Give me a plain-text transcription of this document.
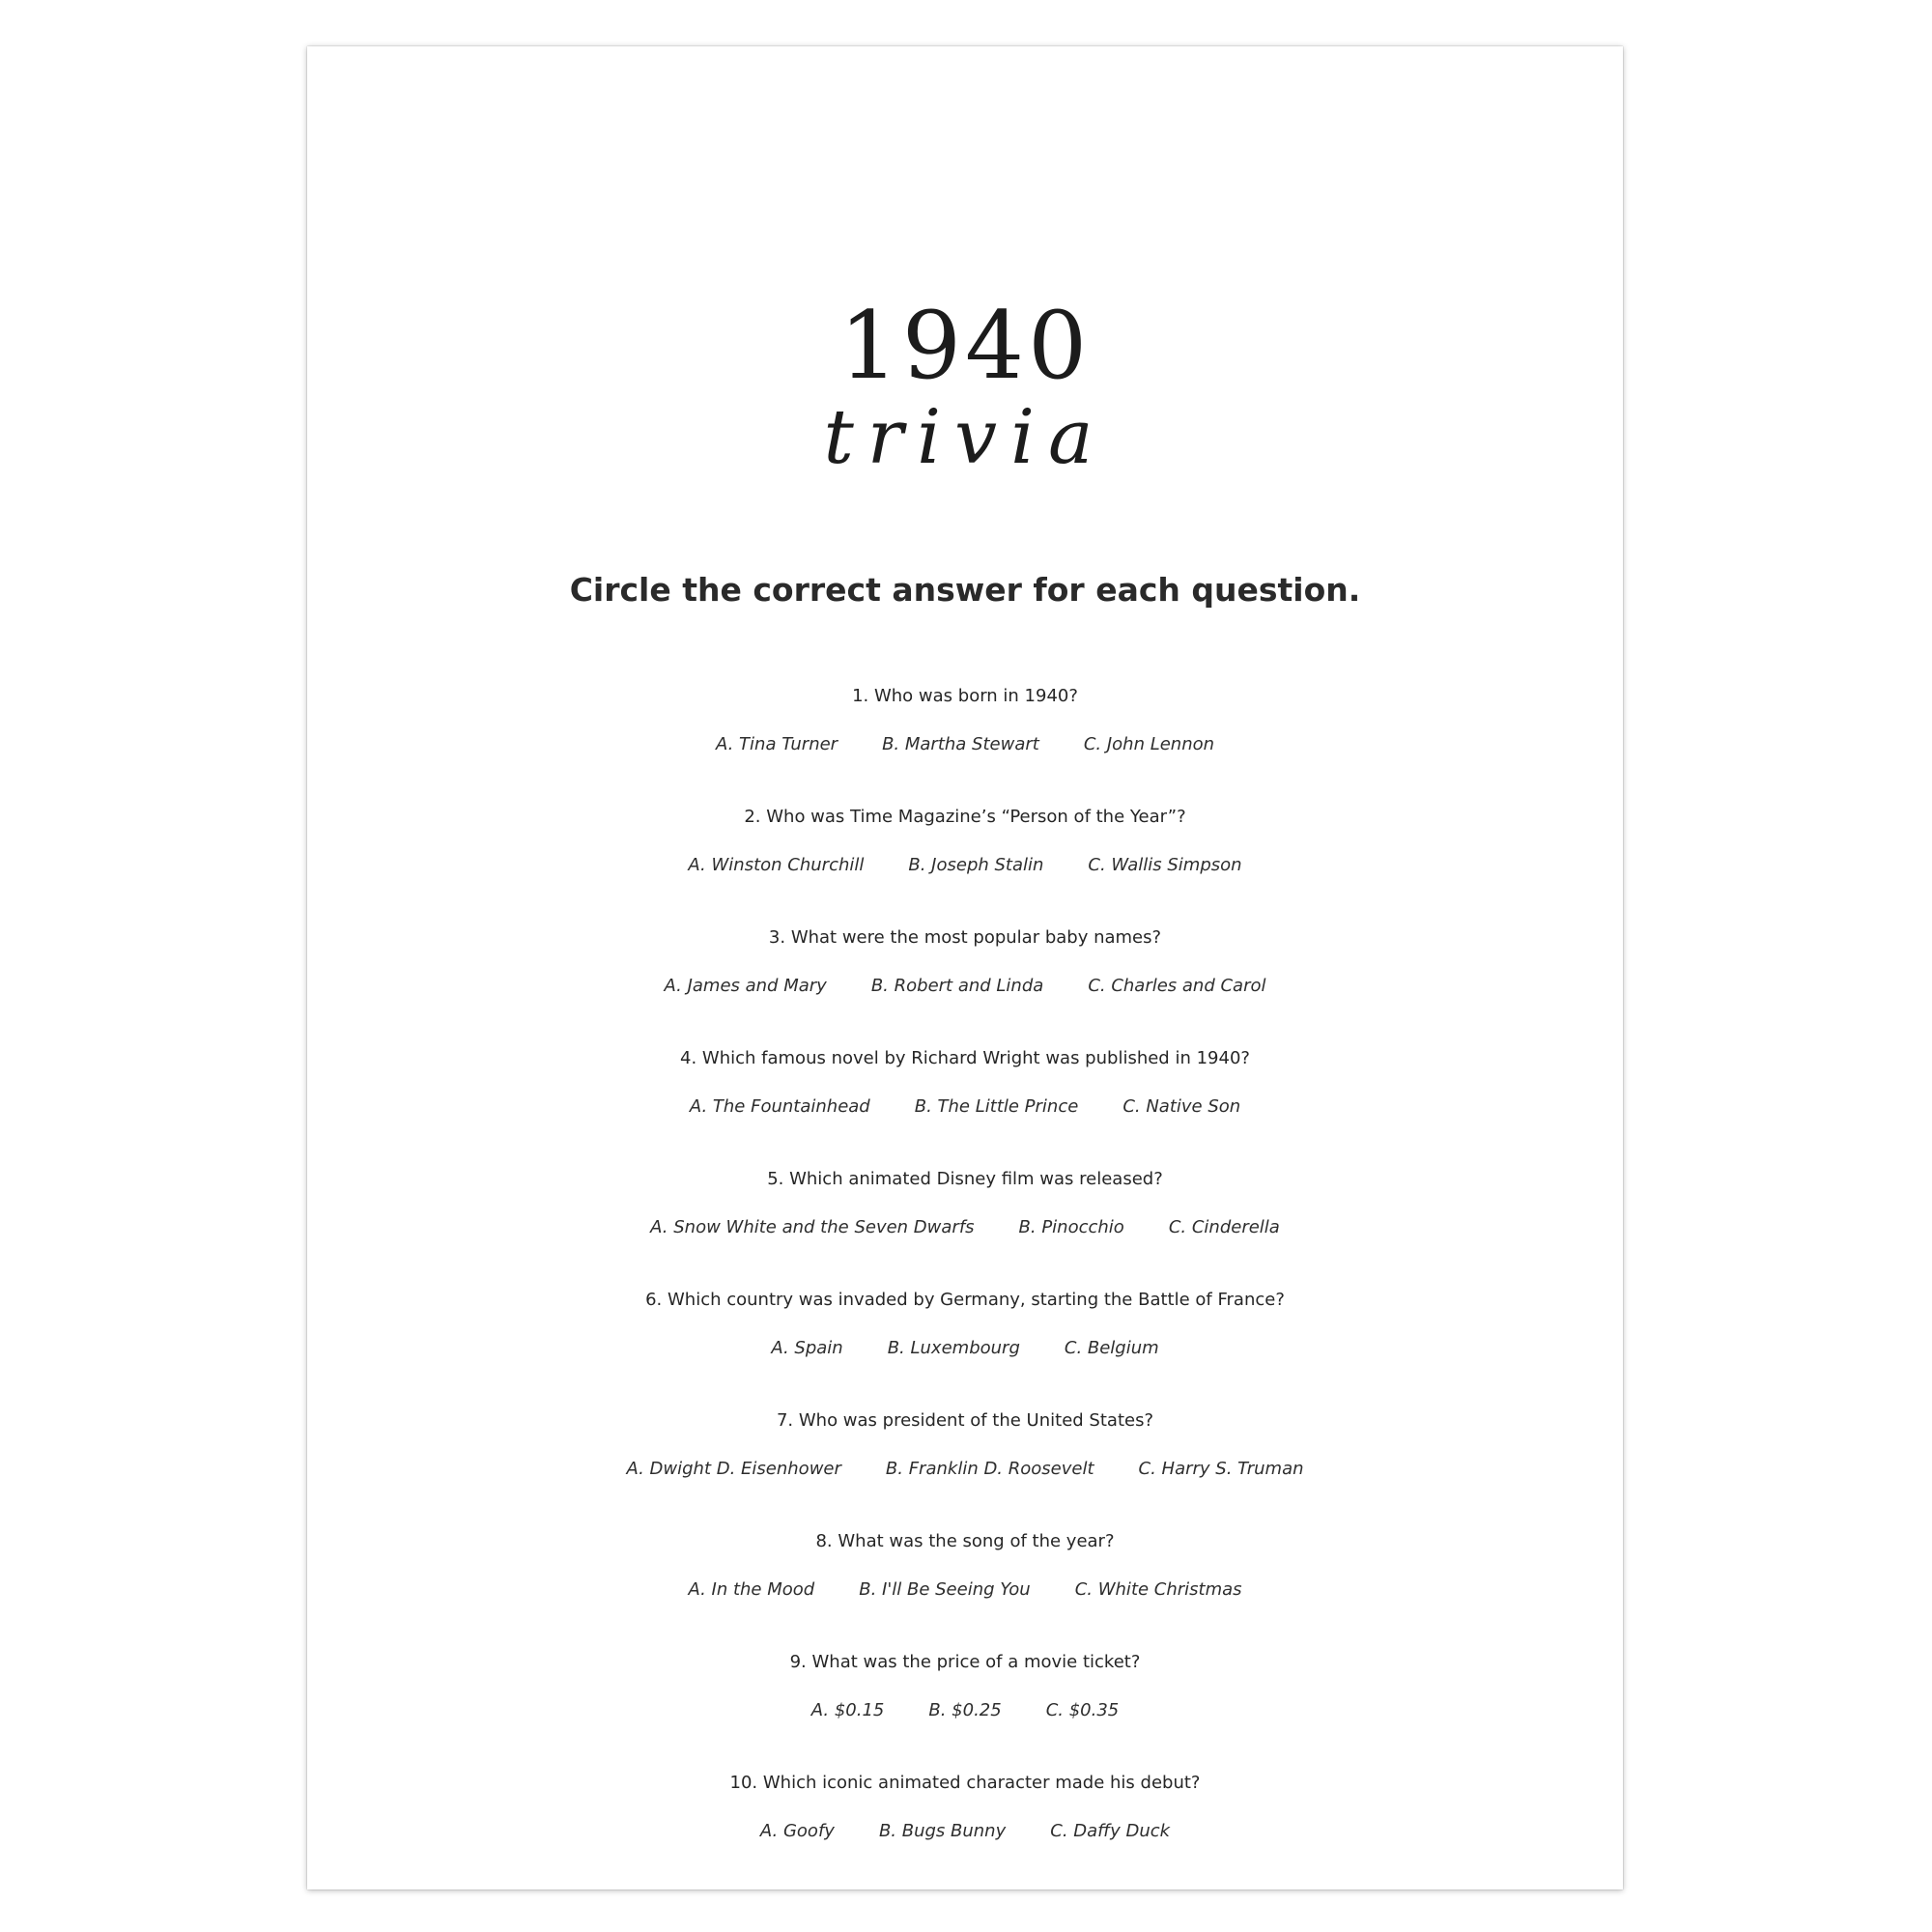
1940
trivia
Circle the correct answer for each question.
1. Who was born in 1940?
A. Tina Turner	B. Martha Stewart	C. John Lennon
2. Who was Time Magazine’s “Person of the Year”?
A. Winston Churchill	B. Joseph Stalin	C. Wallis Simpson
3. What were the most popular baby names?
A. James and Mary	B. Robert and Linda	C. Charles and Carol
4. Which famous novel by Richard Wright was published in 1940?
A. The Fountainhead	B. The Little Prince	C. Native Son
5. Which animated Disney film was released?
A. Snow White and the Seven Dwarfs	B. Pinocchio	C. Cinderella
6. Which country was invaded by Germany, starting the Battle of France?
A. Spain	B. Luxembourg	C. Belgium
7. Who was president of the United States?
A. Dwight D. Eisenhower	B. Franklin D. Roosevelt	C. Harry S. Truman
8. What was the song of the year?
A. In the Mood	B. I'll Be Seeing You	C. White Christmas
9. What was the price of a movie ticket?
A. $0.15	B. $0.25	C. $0.35
10. Which iconic animated character made his debut?
A. Goofy	B. Bugs Bunny	C. Daffy Duck
